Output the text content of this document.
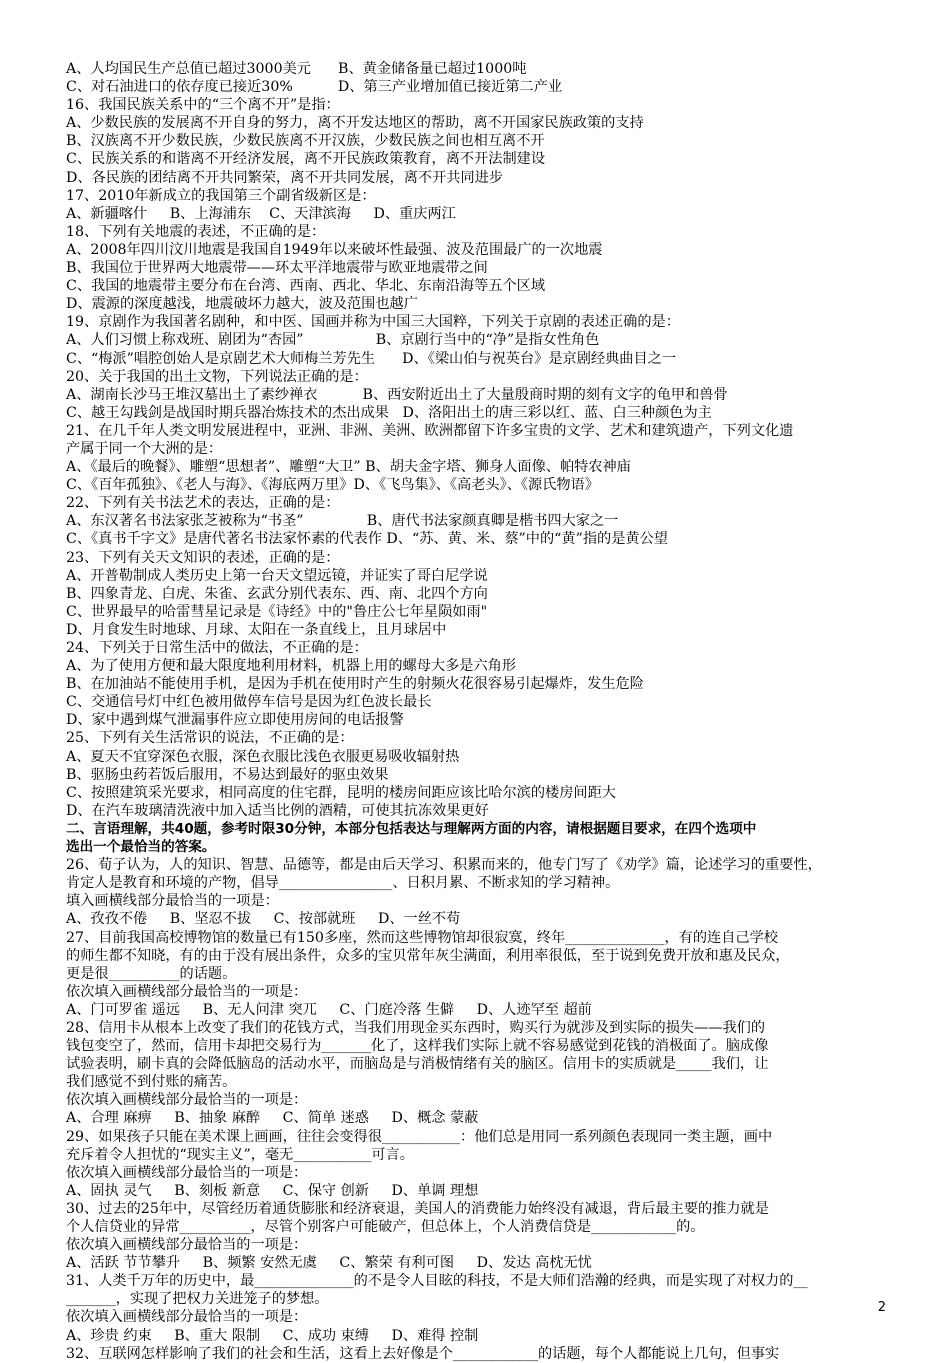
A、人均国民生产总值已超过3000美元      B、黄金储备量已超过1000吨
C、对石油进口的依存度已接近30%          D、第三产业增加值已接近第二产业
16、我国民族关系中的“三个离不开”是指：
A、少数民族的发展离不开自身的努力，离不开发达地区的帮助，离不开国家民族政策的支持
B、汉族离不开少数民族，少数民族离不开汉族，少数民族之间也相互离不开
C、民族关系的和谐离不开经济发展，离不开民族政策教育，离不开法制建设
D、各民族的团结离不开共同繁荣，离不开共同发展，离不开共同进步
17、2010年新成立的我国第三个副省级新区是：
A、新疆喀什     B、上海浦东    C、天津滨海     D、重庆两江
18、下列有关地震的表述，不正确的是：
A、2008年四川汶川地震是我国自1949年以来破坏性最强、波及范围最广的一次地震
B、我国位于世界两大地震带——环太平洋地震带与欧亚地震带之间
C、我国的地震带主要分布在台湾、西南、西北、华北、东南沿海等五个区域
D、震源的深度越浅，地震破坏力越大，波及范围也越广
19、京剧作为我国著名剧种，和中医、国画并称为中国三大国粹，下列关于京剧的表述正确的是：
A、人们习惯上称戏班、剧团为“杏园”                B、京剧行当中的“净”是指女性角色
C、“梅派”唱腔创始人是京剧艺术大师梅兰芳先生      D、《梁山伯与祝英台》是京剧经典曲目之一
20、关于我国的出土文物，下列说法正确的是：
A、湖南长沙马王堆汉墓出土了素纱禅衣          B、西安附近出土了大量殷商时期的刻有文字的龟甲和兽骨
C、越王勾践剑是战国时期兵器冶炼技术的杰出成果   D、洛阳出土的唐三彩以红、蓝、白三种颜色为主
21、在几千年人类文明发展进程中，亚洲、非洲、美洲、欧洲都留下许多宝贵的文学、艺术和建筑遗产，下列文化遗
产属于同一个大洲的是：
A、《最后的晚餐》、雕塑“思想者”、雕塑“大卫” B、胡夫金字塔、狮身人面像、帕特农神庙
C、《百年孤独》、《老人与海》、《海底两万里》D、《飞鸟集》、《高老头》、《源氏物语》
22、下列有关书法艺术的表达，正确的是：
A、东汉著名书法家张芝被称为“书圣”              B、唐代书法家颜真卿是楷书四大家之一
C、《真书千字文》是唐代著名书法家怀素的代表作 D、“苏、黄、米、蔡”中的“黄”指的是黄公望
23、下列有关天文知识的表述，正确的是：
A、开普勒制成人类历史上第一台天文望远镜，并证实了哥白尼学说
B、四象青龙、白虎、朱雀、玄武分别代表东、西、南、北四个方向
C、世界最早的哈雷彗星记录是《诗经》中的"鲁庄公七年星陨如雨"
D、月食发生时地球、月球、太阳在一条直线上，且月球居中
24、下列关于日常生活中的做法，不正确的是：
A、为了使用方便和最大限度地利用材料，机器上用的螺母大多是六角形
B、在加油站不能使用手机，是因为手机在使用时产生的射频火花很容易引起爆炸，发生危险
C、交通信号灯中红色被用做停车信号是因为红色波长最长
D、家中遇到煤气泄漏事件应立即使用房间的电话报警
25、下列有关生活常识的说法，不正确的是：
A、夏天不宜穿深色衣服，深色衣服比浅色衣服更易吸收辐射热
B、驱肠虫药若饭后服用，不易达到最好的驱虫效果
C、按照建筑采光要求，相同高度的住宅群，昆明的楼房间距应该比哈尔滨的楼房间距大
D、在汽车玻璃清洗液中加入适当比例的酒精，可使其抗冻效果更好
二、言语理解，共40题，参考时限30分钟，本部分包括表达与理解两方面的内容，请根据题目要求，在四个选项中
选出一个最恰当的答案。
26、荀子认为，人的知识、智慧、品德等，都是由后天学习、积累而来的，他专门写了《劝学》篇，论述学习的重要性，
肯定人是教育和环境的产物，倡导________________、日积月累、不断求知的学习精神。
填入画横线部分最恰当的一项是：
A、孜孜不倦     B、坚忍不拔     C、按部就班     D、一丝不苟
27、目前我国高校博物馆的数量已有150多座，然而这些博物馆却很寂寞，终年______________，有的连自己学校
的师生都不知晓，有的由于没有展出条件，众多的宝贝常年灰尘满面，利用率很低，至于说到免费开放和惠及民众，
更是很__________的话题。
依次填入画横线部分最恰当的一项是：
A、门可罗雀 遥远     B、无人问津 突兀     C、门庭冷落 生僻     D、人迹罕至 超前
28、信用卡从根本上改变了我们的花钱方式，当我们用现金买东西时，购买行为就涉及到实际的损失——我们的
钱包变空了，然而，信用卡却把交易行为_______化了，这样我们实际上就不容易感觉到花钱的消极面了。脑成像
试验表明，刷卡真的会降低脑岛的活动水平，而脑岛是与消极情绪有关的脑区。信用卡的实质就是_____我们，让
我们感觉不到付账的痛苦。
依次填入画横线部分最恰当的一项是：
A、合理 麻痹     B、抽象 麻醉     C、简单 迷惑     D、概念 蒙蔽
29、如果孩子只能在美术课上画画，往往会变得很___________：他们总是用同一系列颜色表现同一类主题，画中
充斥着令人担忧的“现实主义”，毫无___________可言。
依次填入画横线部分最恰当的一项是：
A、固执 灵气     B、刻板 新意     C、保守 创新     D、单调 理想
30、过去的25年中，尽管经历着通货膨胀和经济衰退，美国人的消费能力始终没有减退，背后最主要的推力就是
个人信贷业的异常__________，尽管个别客户可能破产，但总体上，个人消费信贷是____________的。
依次填入画横线部分最恰当的一项是：
A、活跃 节节攀升     B、频繁 安然无虞     C、繁荣 有利可图     D、发达 高枕无忧
31、人类千万年的历史中，最______________的不是令人目眩的科技，不是大师们浩瀚的经典，而是实现了对权力的__
_______，实现了把权力关进笼子的梦想。
依次填入画横线部分最恰当的一项是：
A、珍贵 约束     B、重大 限制     C、成功 束缚     D、难得 控制
32、互联网怎样影响了我们的社会和生活，这看上去好像是个____________的话题，每个人都能说上几句，但事实
2
